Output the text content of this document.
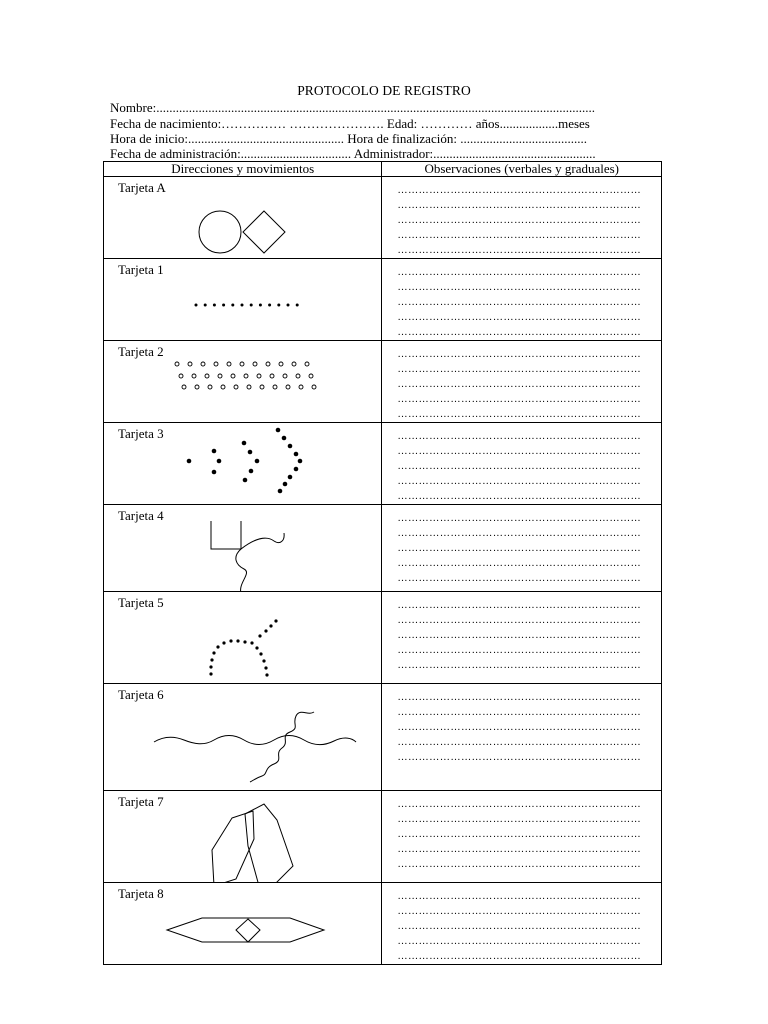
PROTOCOLO DE REGISTRO
Nombre:.......................................................................................................................................
Fecha de nacimiento:…………… …………………. Edad: ………… años..................meses
Hora de inicio:................................................ Hora de finalización: .......................................
Fecha de administración:.................................. Administrador:..................................................
Direcciones y movimientos	Observaciones (verbales y graduales)

Tarjeta A	……………………………………………………………
……………………………………………………………
……………………………………………………………
……………………………………………………………
……………………………………………………………

Tarjeta 1	……………………………………………………………
……………………………………………………………
……………………………………………………………
……………………………………………………………
……………………………………………………………

Tarjeta 2	……………………………………………………………
……………………………………………………………
……………………………………………………………
……………………………………………………………
……………………………………………………………

Tarjeta 3	……………………………………………………………
……………………………………………………………
……………………………………………………………
……………………………………………………………
……………………………………………………………

Tarjeta 4	……………………………………………………………
……………………………………………………………
……………………………………………………………
……………………………………………………………
……………………………………………………………

Tarjeta 5	……………………………………………………………
……………………………………………………………
……………………………………………………………
……………………………………………………………
……………………………………………………………

Tarjeta 6	……………………………………………………………
……………………………………………………………
……………………………………………………………
……………………………………………………………
……………………………………………………………

Tarjeta 7	……………………………………………………………
……………………………………………………………
……………………………………………………………
……………………………………………………………
……………………………………………………………

Tarjeta 8	……………………………………………………………
……………………………………………………………
……………………………………………………………
……………………………………………………………
……………………………………………………………
